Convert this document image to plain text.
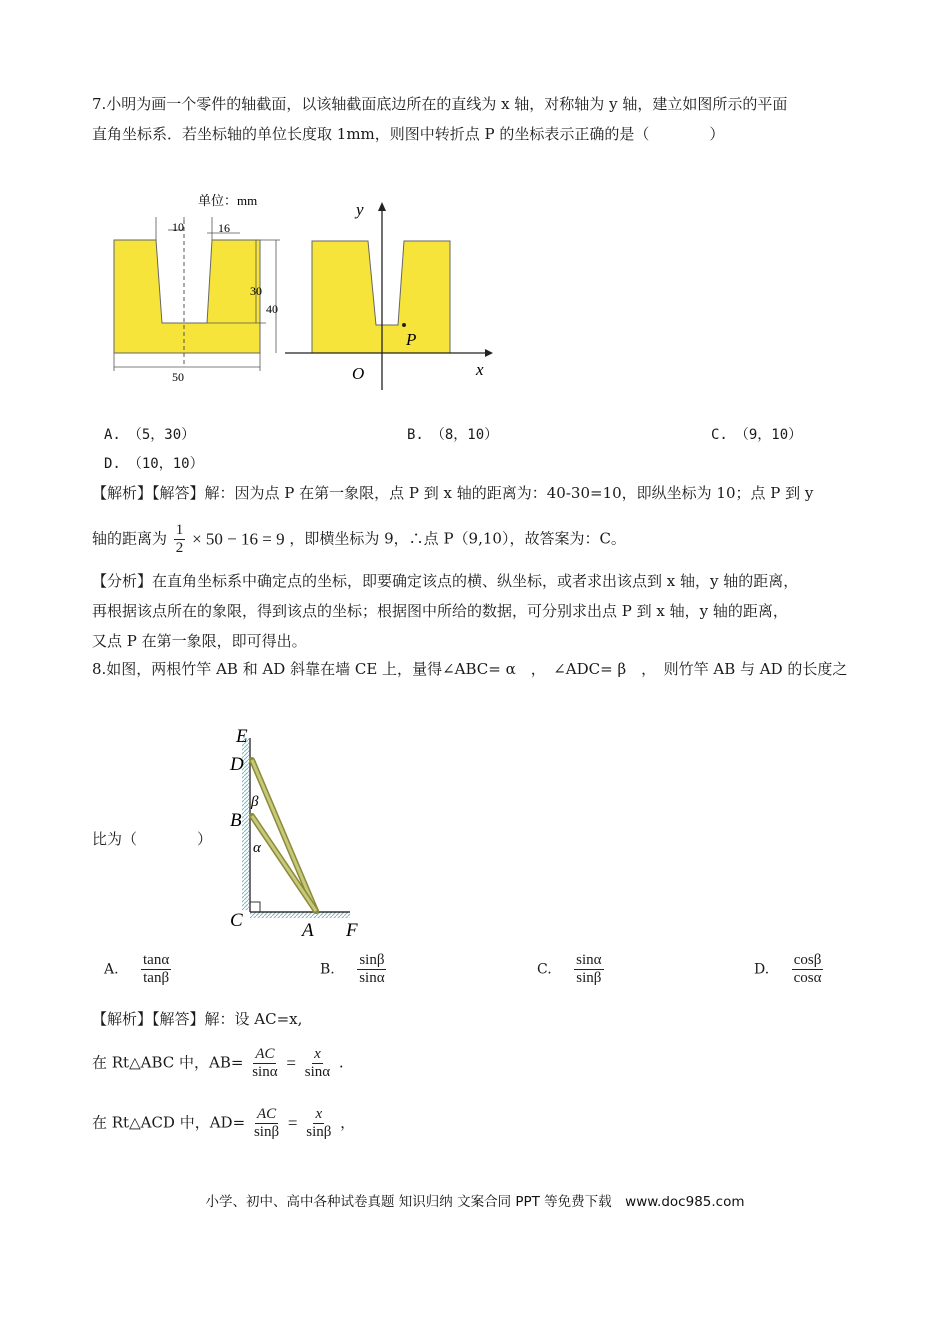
7.小明为画一个零件的轴截面，以该轴截面底边所在的直线为 x 轴，对称轴为 y 轴，建立如图所示的平面
直角坐标系．若坐标轴的单位长度取 1mm，则图中转折点 P 的坐标表示正确的是（　　　　）
单位：mm
10	16
30
40
50
y
x
O
P
A.　（5，30）	B.　（8，10）	C.　（9，10）
D.　（10，10）
【解析】【解答】解：因为点 P 在第一象限，点 P 到 x 轴的距离为：40-30=10，即纵坐标为 10；点 P 到 y
轴的距离为 $\frac{1}{2} \times 50 - 16 = 9$ ，即横坐标为 9，∴点 P（9,10），故答案为：C。
【分析】在直角坐标系中确定点的坐标，即要确定该点的横、纵坐标，或者求出该点到 x 轴，y 轴的距离，
再根据该点所在的象限，得到该点的坐标；根据图中所给的数据，可分别求出点 P 到 x 轴，y 轴的距离，
又点 P 在第一象限，即可得出。
8.如图，两根竹竿 AB 和 AD 斜靠在墙 CE 上，量得∠ABC= α　，　∠ADC= β　，　则竹竿 AB 与 AD 的长度之
E
D
β
B
α
C	A F
比为（　　　　）
A. $\frac{\tan\alpha}{\tan\beta}$	B. $\frac{\sin\beta}{\sin\alpha}$	C. $\frac{\sin\alpha}{\sin\beta}$	D. $\frac{\cos\beta}{\cos\alpha}$
【解析】【解答】解：设 AC=x,
在 Rt△ABC 中，$AB= \frac{AC}{\sin\alpha} = \frac{x}{\sin\alpha}$ .
在 Rt△ACD 中，$AD= \frac{AC}{\sin\beta} = \frac{x}{\sin\beta}$ ，
小学、初中、高中各种试卷真题 知识归纳 文案合同 PPT 等免费下载　www.doc985.com
